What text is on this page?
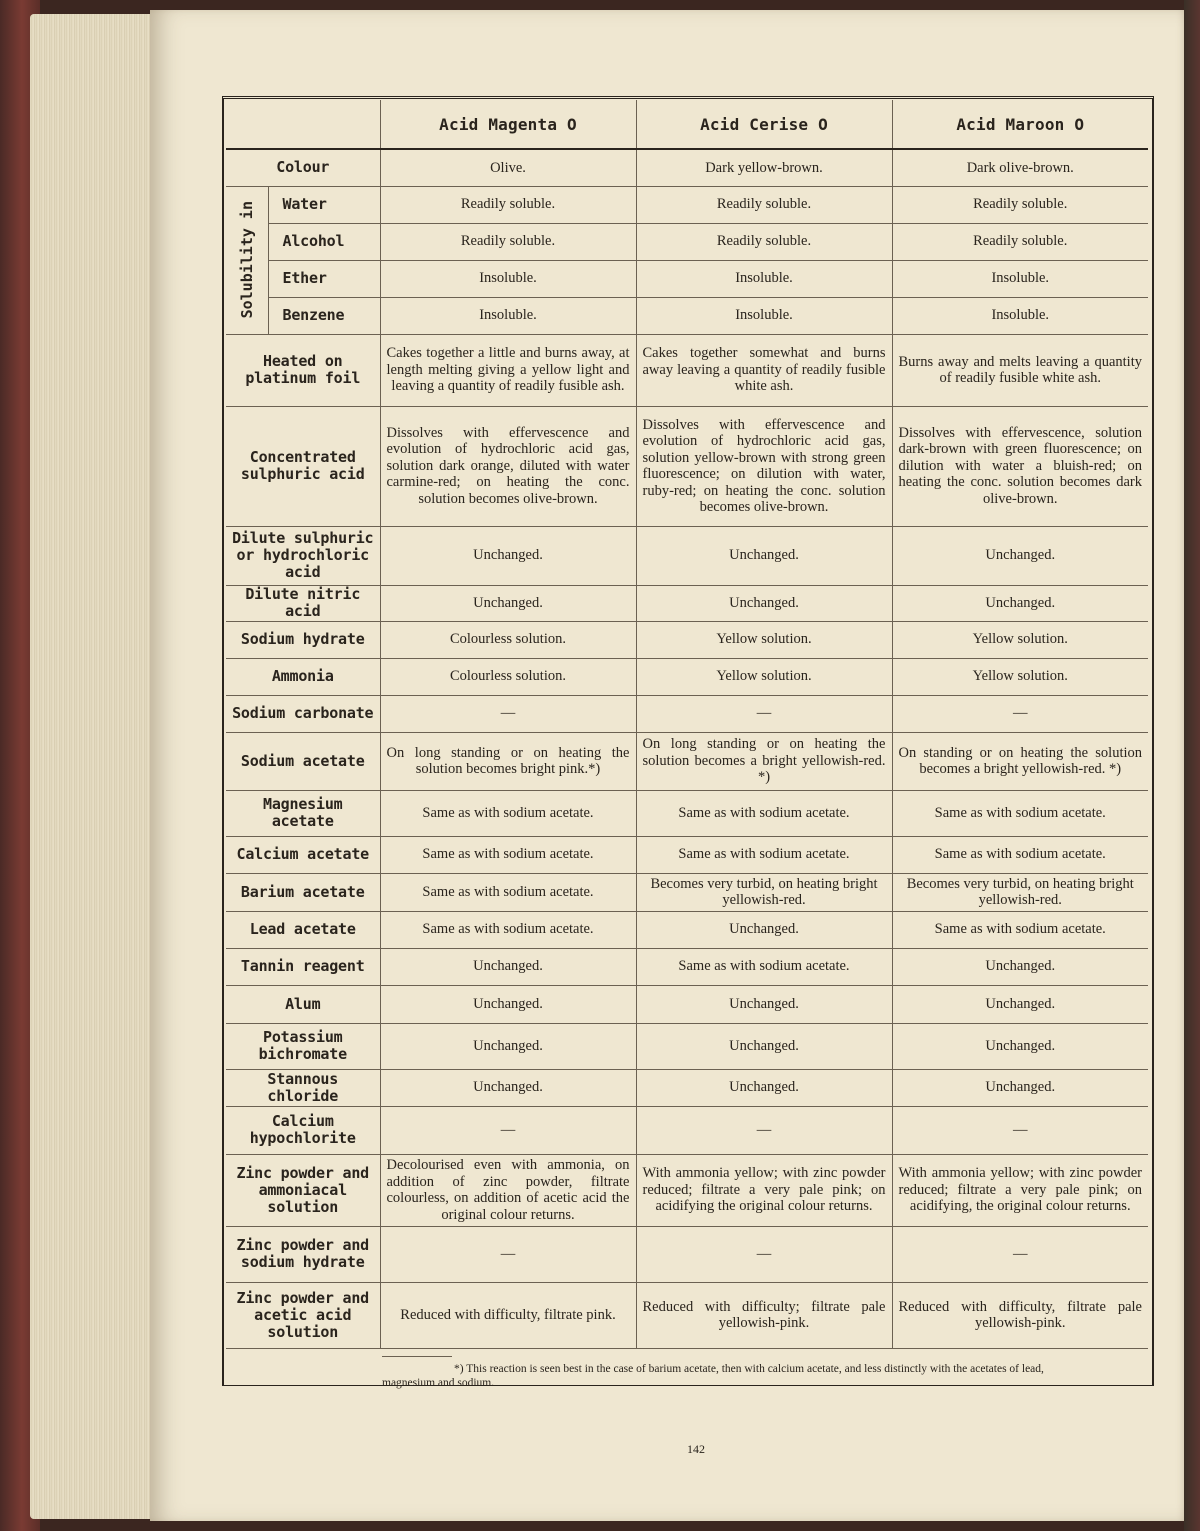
		Acid Magenta O	Acid Cerise O	Acid Maroon O
Colour		Olive.	Dark yellow-brown.	Dark olive-brown.

Solubility in	Water	Readily soluble.	Readily soluble.	Readily soluble.
	Alcohol	Readily soluble.	Readily soluble.	Readily soluble.
	Ether	Insoluble.	Insoluble.	Insoluble.
	Benzene	Insoluble.	Insoluble.	Insoluble.
Heated on platinum foil		Cakes together a little and burns away, at length melting giving a yellow light and leaving a quantity of readily fusible ash.	Cakes together somewhat and burns away leaving a quantity of readily fusible white ash.	Burns away and melts leaving a quantity of readily fusible white ash.
Concentrated sulphuric acid		Dissolves with effervescence and evolution of hydrochloric acid gas, solution dark orange, diluted with water carmine-red; on heating the conc. solution becomes olive-brown.	Dissolves with effervescence and evolution of hydrochloric acid gas, solution yellow-brown with strong green fluorescence; on dilution with water, ruby-red; on heating the conc. solution becomes olive-brown.	Dissolves with effervescence, solution dark-brown with green fluorescence; on dilution with water a bluish-red; on heating the conc. solution becomes dark olive-brown.
Dilute sulphuric or hydrochloric acid		Unchanged.	Unchanged.	Unchanged.
Dilute nitric acid		Unchanged.	Unchanged.	Unchanged.
Sodium hydrate		Colourless solution.	Yellow solution.	Yellow solution.
Ammonia		Colourless solution.	Yellow solution.	Yellow solution.
Sodium carbonate		—	—	—
Sodium acetate		On long standing or on heating the solution becomes bright pink.*)	On long standing or on heating the solution becomes a bright yellowish-red. *)	On standing or on heating the solution becomes a bright yellowish-red. *)
Magnesium acetate		Same as with sodium acetate.	Same as with sodium acetate.	Same as with sodium acetate.
Calcium acetate		Same as with sodium acetate.	Same as with sodium acetate.	Same as with sodium acetate.
Barium acetate		Same as with sodium acetate.	Becomes very turbid, on heating bright yellowish-red.	Becomes very turbid, on heating bright yellowish-red.
Lead acetate		Same as with sodium acetate.	Unchanged.	Same as with sodium acetate.
Tannin reagent		Unchanged.	Same as with sodium acetate.	Unchanged.
Alum		Unchanged.	Unchanged.	Unchanged.
Potassium bichromate		Unchanged.	Unchanged.	Unchanged.
Stannous chloride		Unchanged.	Unchanged.	Unchanged.
Calcium hypochlorite		—	—	—
Zinc powder and ammoniacal solution		Decolourised even with ammonia, on addition of zinc powder, filtrate colourless, on addition of acetic acid the original colour returns.	With ammonia yellow; with zinc powder reduced; filtrate a very pale pink; on acidifying the original colour returns.	With ammonia yellow; with zinc powder reduced; filtrate a very pale pink; on acidifying, the original colour returns.
Zinc powder and sodium hydrate		—	—	—
Zinc powder and acetic acid solution		Reduced with difficulty, filtrate pink.	Reduced with difficulty; filtrate pale yellowish-pink.	Reduced with difficulty, filtrate pale yellowish-pink.
*) This reaction is seen best in the case of barium acetate, then with calcium acetate, and less distinctly with the acetates of lead, magnesium and sodium.
142
